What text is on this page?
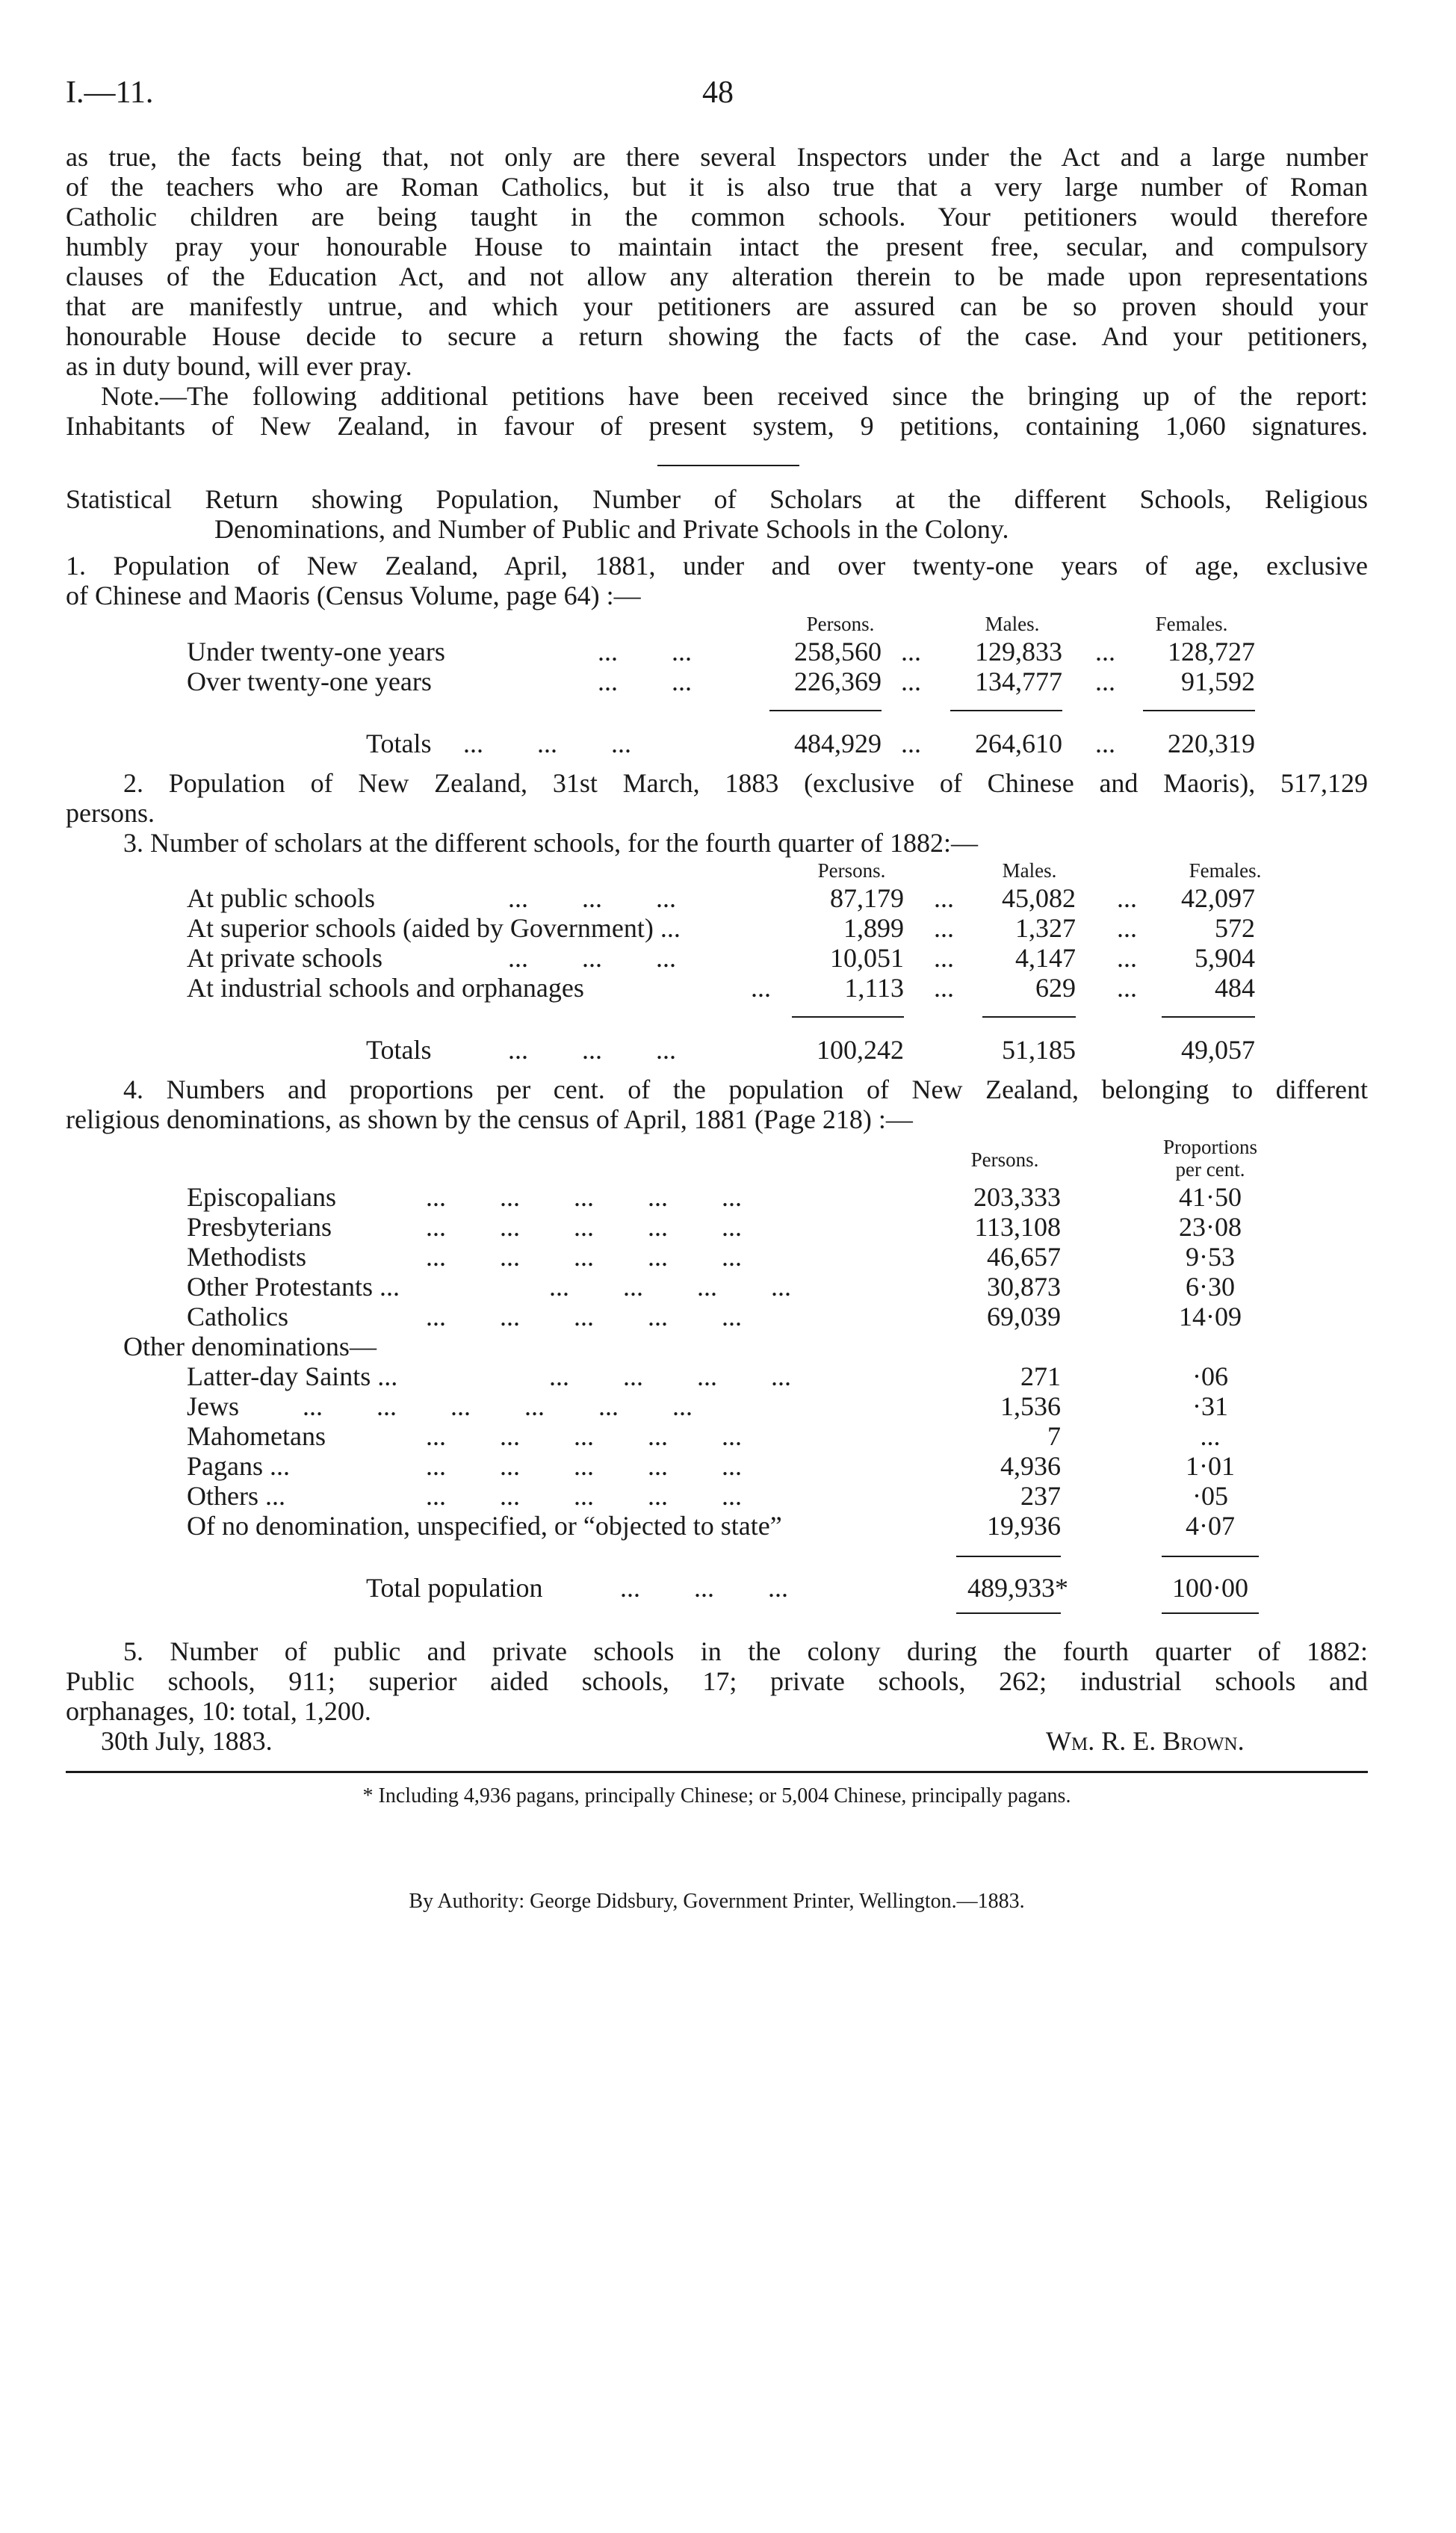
I.—11.	48
as true, the facts being that, not only are there several Inspectors under the Act and a large number
of the teachers who are Roman Catholics, but it is also true that a very large number of Roman
Catholic children are being taught in the common schools. Your petitioners would therefore
humbly pray your honourable House to maintain intact the present free, secular, and compulsory
clauses of the Education Act, and not allow any alteration therein to be made upon representations
that are manifestly untrue, and which your petitioners are assured can be so proven should your
honourable House decide to secure a return showing the facts of the case. And your petitioners,
as in duty bound, will ever pray.
Note.—The following additional petitions have been received since the bringing up of the report:
Inhabitants of New Zealand, in favour of present system, 9 petitions, containing 1,060 signatures.
Statistical Return showing Population, Number of Scholars at the different Schools, Religious
Denominations, and Number of Public and Private Schools in the Colony.
1. Population of New Zealand, April, 1881, under and over twenty-one years of age, exclusive
of Chinese and Maoris (Census Volume, page 64) :—
Persons.	Males.	Females.
Under twenty-one years	...        ...	258,560 ...	129,833 ...	128,727
Over twenty-one years	...        ...	226,369 ...	134,777 ...	91,592
Totals ...        ...        ...	484,929 ...	264,610 ...	220,319
2. Population of New Zealand, 31st March, 1883 (exclusive of Chinese and Maoris), 517,129
persons.
3. Number of scholars at the different schools, for the fourth quarter of 1882:—
Persons.	Males.	Females.
At public schools	...        ...        ...	87,179 ...	45,082 ...	42,097
At superior schools (aided by Government) ...	1,899 ...	1,327 ...	572
At private schools	...        ...        ...	10,051 ...	4,147 ...	5,904
At industrial schools and orphanages	...	1,113 ...	629 ...	484
Totals	...        ...        ...	100,242	51,185	49,057
4. Numbers and proportions per cent. of the population of New Zealand, belonging to different
religious denominations, as shown by the census of April, 1881 (Page 218) :—
Persons.
Proportions
per cent.
Episcopalians	...        ...        ...        ...        ...	203,333	41·50
Presbyterians	...        ...        ...        ...        ...	113,108	23·08
Methodists	...        ...        ...        ...        ...	46,657	9·53
Other Protestants ...	...        ...        ...        ...	30,873	6·30
Catholics	...        ...        ...        ...        ...	69,039	14·09
Other denominations—
Latter-day Saints ...	...        ...        ...        ...	271	·06
Jews ...        ...        ...        ...        ...        ...	1,536	·31
Mahometans	...        ...        ...        ...        ...	7	...
Pagans ...	...        ...        ...        ...        ...	4,936	1·01
Others ...	...        ...        ...        ...        ...	237	·05
Of no denomination, unspecified, or “objected to state”	19,936	4·07
Total population	...        ...        ...	489,933*	100·00
5. Number of public and private schools in the colony during the fourth quarter of 1882:
Public schools, 911; superior aided schools, 17; private schools, 262; industrial schools and
orphanages, 10: total, 1,200.
30th July, 1883.	Wm. R. E. Brown.
* Including 4,936 pagans, principally Chinese; or 5,004 Chinese, principally pagans.
By Authority: George Didsbury, Government Printer, Wellington.—1883.
